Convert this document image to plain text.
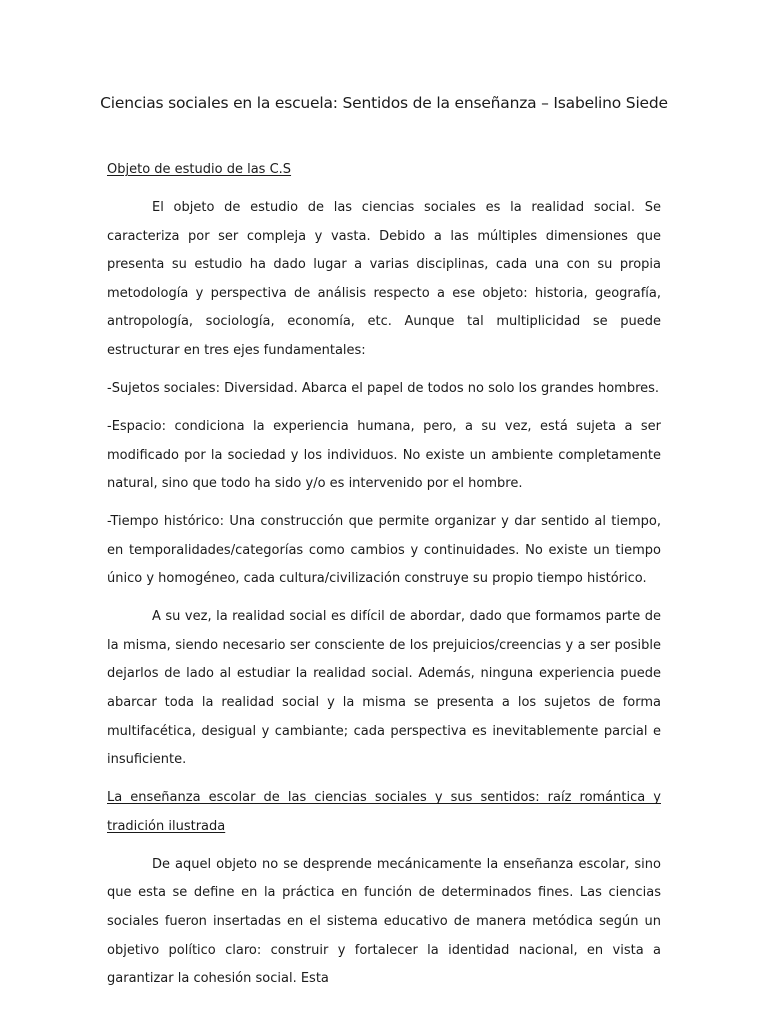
Ciencias sociales en la escuela: Sentidos de la enseñanza – Isabelino Siede

Objeto de estudio de las C.S

El objeto de estudio de las ciencias sociales es la realidad social. Se caracteriza por ser compleja y vasta. Debido a las múltiples dimensiones que presenta su estudio ha dado lugar a varias disciplinas, cada una con su propia metodología y perspectiva de análisis respecto a ese objeto: historia, geografía, antropología, sociología, economía, etc. Aunque tal multiplicidad se puede estructurar en tres ejes fundamentales:

-Sujetos sociales: Diversidad. Abarca el papel de todos no solo los grandes hombres.

-Espacio: condiciona la experiencia humana, pero, a su vez, está sujeta a ser modificado por la sociedad y los individuos. No existe un ambiente completamente natural, sino que todo ha sido y/o es intervenido por el hombre.

-Tiempo histórico: Una construcción que permite organizar y dar sentido al tiempo, en temporalidades/categorías como cambios y continuidades. No existe un tiempo único y homogéneo, cada cultura/civilización construye su propio tiempo histórico.

A su vez, la realidad social es difícil de abordar, dado que formamos parte de la misma, siendo necesario ser consciente de los prejuicios/creencias y a ser posible dejarlos de lado al estudiar la realidad social. Además, ninguna experiencia puede abarcar toda la realidad social y la misma se presenta a los sujetos de forma multifacética, desigual y cambiante; cada perspectiva es inevitablemente parcial e insuficiente.

La enseñanza escolar de las ciencias sociales y sus sentidos: raíz romántica y tradición ilustrada

De aquel objeto no se desprende mecánicamente la enseñanza escolar, sino que esta se define en la práctica en función de determinados fines. Las ciencias sociales fueron insertadas en el sistema educativo de manera metódica según un objetivo político claro: construir y fortalecer la identidad nacional, en vista a garantizar la cohesión social. Esta
